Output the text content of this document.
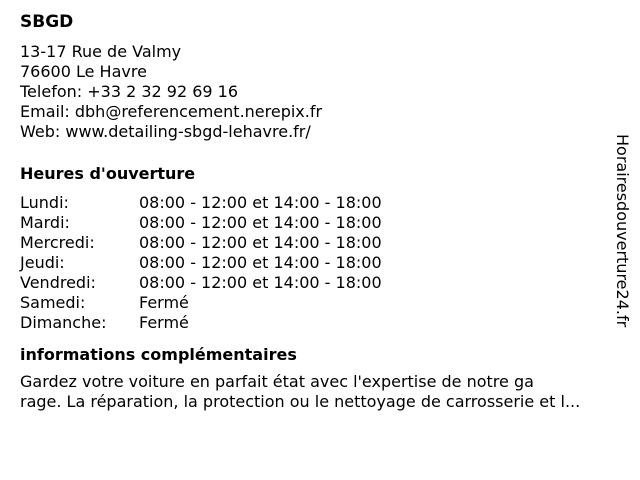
SBGD
13-17 Rue de Valmy
76600 Le Havre
Telefon: +33 2 32 92 69 16
Email: dbh@referencement.nerepix.fr
Web: www.detailing-sbgd-lehavre.fr/
Heures d'ouverture
Lundi:	08:00 - 12:00 et 14:00 - 18:00
Mardi:	08:00 - 12:00 et 14:00 - 18:00
Mercredi:	08:00 - 12:00 et 14:00 - 18:00
Jeudi:	08:00 - 12:00 et 14:00 - 18:00
Vendredi:	08:00 - 12:00 et 14:00 - 18:00
Samedi:	Fermé
Dimanche:	Fermé
informations complémentaires
Gardez votre voiture en parfait état avec l'expertise de notre ga
rage. La réparation, la protection ou le nettoyage de carrosserie et l...
Horairesdouverture24.fr
